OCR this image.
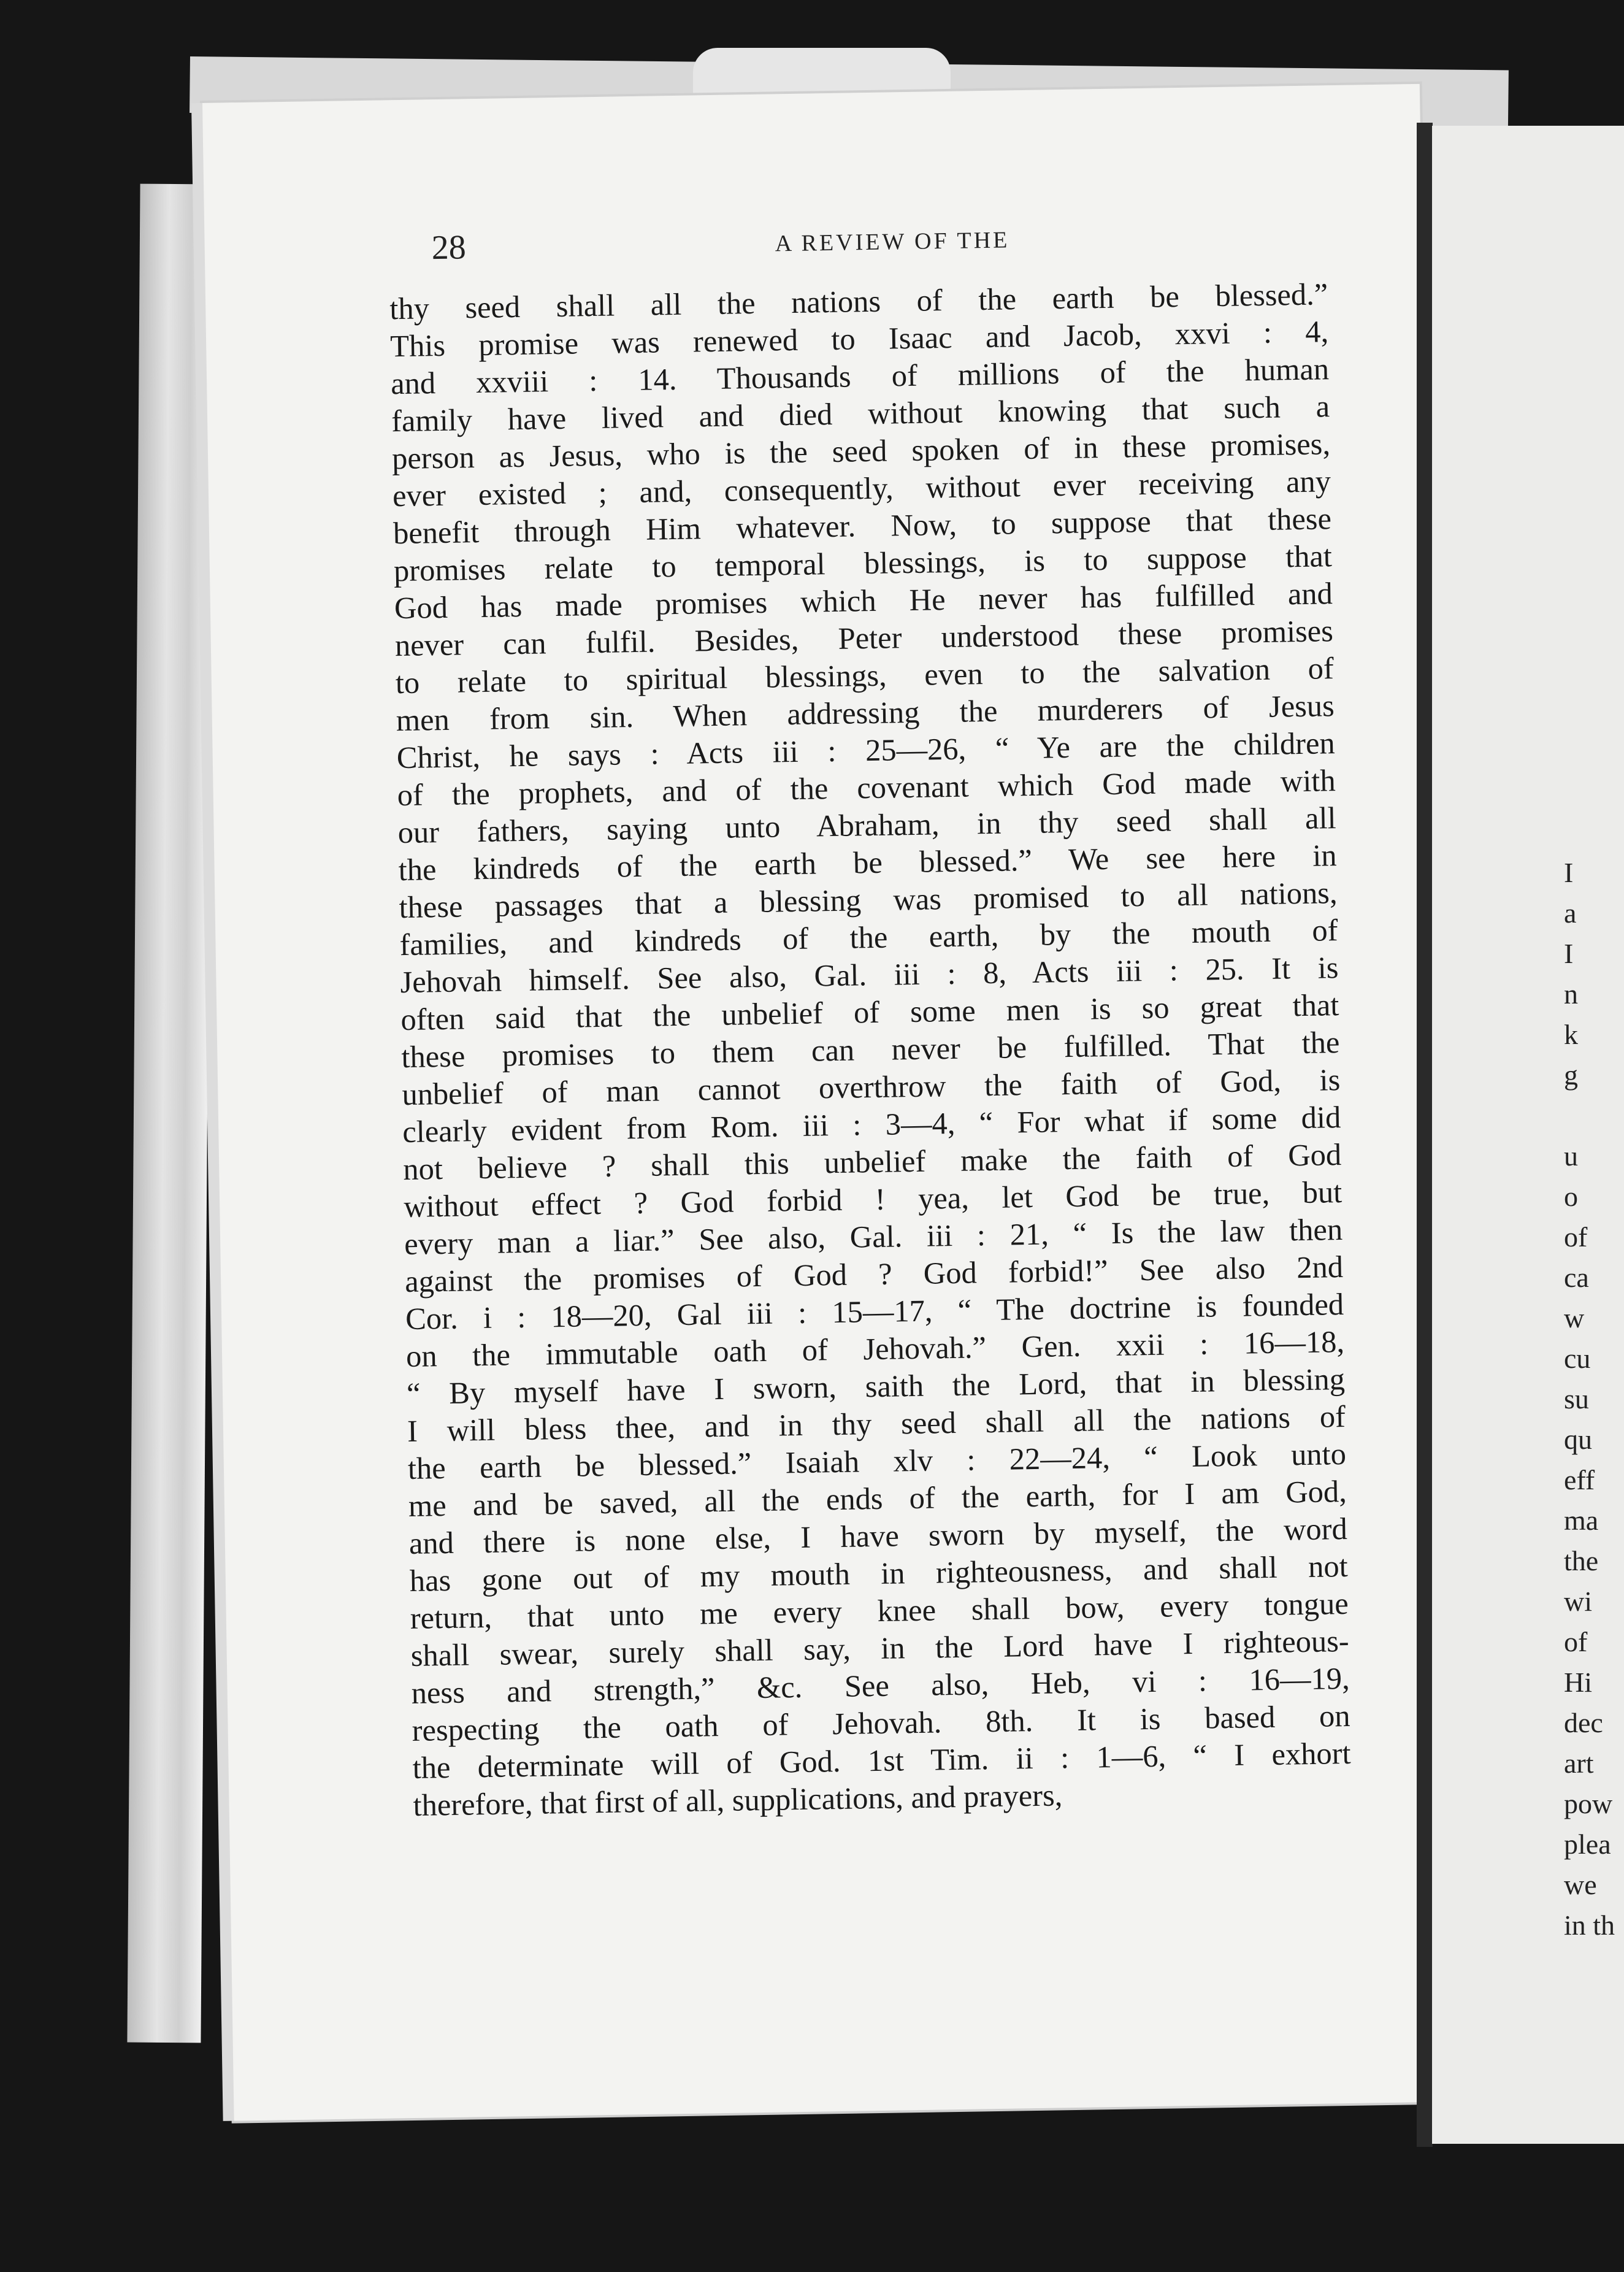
28	A REVIEW OF THE
thy seed shall all the nations of the earth be blessed.”
This promise was renewed to Isaac and Jacob, xxvi : 4,
and xxviii : 14. Thousands of millions of the human
family have lived and died without knowing that such a
person as Jesus, who is the seed spoken of in these promises,
ever existed ; and, consequently, without ever receiving any
benefit through Him whatever. Now, to suppose that these
promises relate to temporal blessings, is to suppose that
God has made promises which He never has fulfilled and
never can fulfil. Besides, Peter understood these promises
to relate to spiritual blessings, even to the salvation of
men from sin. When addressing the murderers of Jesus
Christ, he says : Acts iii : 25—26, “ Ye are the children
of the prophets, and of the covenant which God made with
our fathers, saying unto Abraham, in thy seed shall all
the kindreds of the earth be blessed.” We see here in
these passages that a blessing was promised to all nations,
families, and kindreds of the earth, by the mouth of
Jehovah himself. See also, Gal. iii : 8, Acts iii : 25. It is
often said that the unbelief of some men is so great that
these promises to them can never be fulfilled. That the
unbelief of man cannot overthrow the faith of God, is
clearly evident from Rom. iii : 3—4, “ For what if some did
not believe ? shall this unbelief make the faith of God
without effect ? God forbid ! yea, let God be true, but
every man a liar.” See also, Gal. iii : 21, “ Is the law then
against the promises of God ? God forbid!” See also 2nd
Cor. i : 18—20, Gal iii : 15—17, “ The doctrine is founded
on the immutable oath of Jehovah.” Gen. xxii : 16—18,
“ By myself have I sworn, saith the Lord, that in blessing
I will bless thee, and in thy seed shall all the nations of
the earth be blessed.” Isaiah xlv : 22—24, “ Look unto
me and be saved, all the ends of the earth, for I am God,
and there is none else, I have sworn by myself, the word
has gone out of my mouth in righteousness, and shall not
return, that unto me every knee shall bow, every tongue
shall swear, surely shall say, in the Lord have I righteous-
ness and strength,” &c. See also, Heb, vi : 16—19,
respecting the oath of Jehovah. 8th. It is based on
the determinate will of God. 1st Tim. ii : 1—6, “ I exhort
therefore, that first of all, supplications, and prayers,
I
a
I
n
k
g
u
o
of
ca
w
cu
su
qu
eff
ma
the
wi
of
Hi
dec
art
pow
plea
we
in th
